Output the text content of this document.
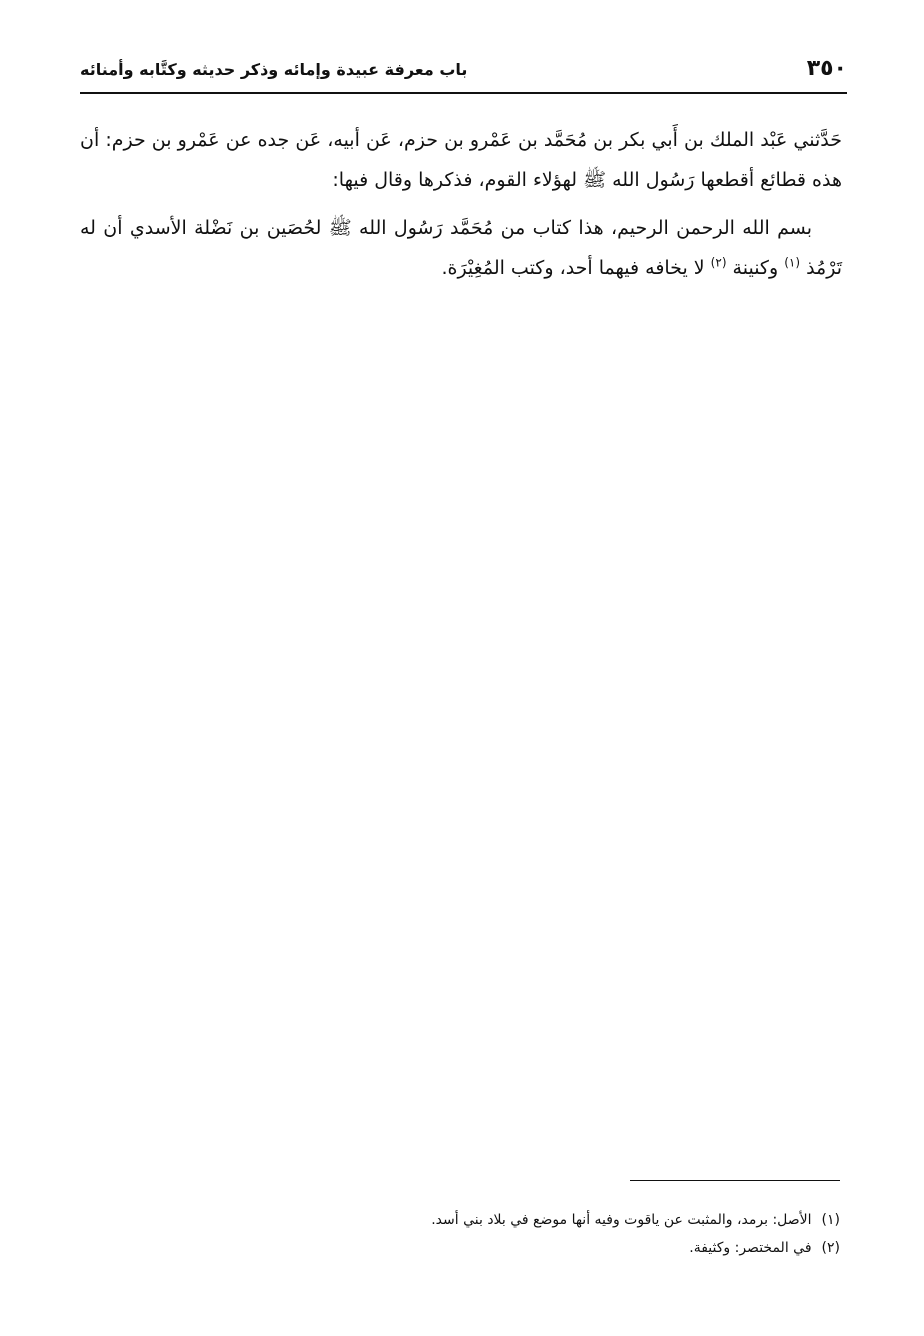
٣٥٠
باب معرفة عبيدة وإمائه وذكر حديثه وكتَّابه وأمنائه

حَدَّثني عَبْد الملك بن أَبي بكر بن مُحَمَّد بن عَمْرو بن حزم، عَن أبيه، عَن جده عن عَمْرو بن حزم: أن هذه قطائع أقطعها رَسُول الله ﷺ لهؤلاء القوم، فذكرها وقال فيها:

بسم الله الرحمن الرحيم، هذا كتاب من مُحَمَّد رَسُول الله ﷺ لحُصَين بن نَضْلة الأسدي أن له تَرْمُذ $^{(١)}$ وكنينة $^{(٢)}$ لا يخافه فيهما أحد، وكتب المُغِيْرَة.

(١)الأصل: برمد، والمثبت عن ياقوت وفيه أنها موضع في بلاد بني أسد.
(٢)في المختصر: وكثيفة.
